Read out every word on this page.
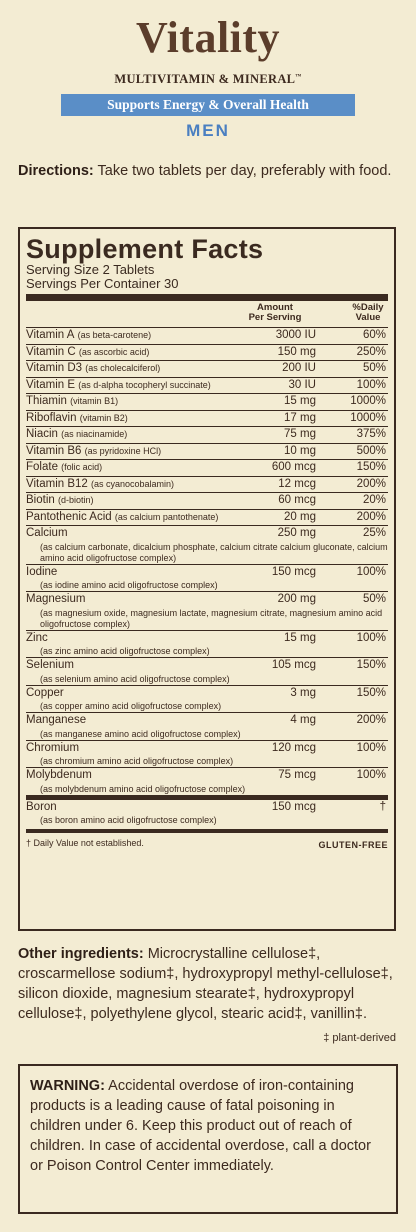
Vitality
MULTIVITAMIN & MINERAL™
Supports Energy & Overall Health
MEN
Directions: Take two tablets per day, preferably with food.
Supplement Facts
Serving Size 2 Tablets
Servings Per Container 30
Amount
Per Serving
%Daily
Value
Vitamin A (as beta-carotene)	3000 IU	60%
Vitamin C (as ascorbic acid)	150 mg	250%
Vitamin D3 (as cholecalciferol)	200 IU	50%
Vitamin E (as d-alpha tocopheryl succinate)	30 IU	100%
Thiamin (vitamin B1)	15 mg	1000%
Riboflavin (vitamin B2)	17 mg	1000%
Niacin (as niacinamide)	75 mg	375%
Vitamin B6 (as pyridoxine HCl)	10 mg	500%
Folate (folic acid)	600 mcg	150%
Vitamin B12 (as cyanocobalamin)	12 mcg	200%
Biotin (d-biotin)	60 mcg	20%
Pantothenic Acid (as calcium pantothenate)	20 mg	200%
Calcium	250 mg	25%
(as calcium carbonate, dicalcium phosphate, calcium citrate calcium gluconate, calcium amino acid oligofructose complex)
Iodine	150 mcg	100%
(as iodine amino acid oligofructose complex)
Magnesium	200 mg	50%
(as magnesium oxide, magnesium lactate, magnesium citrate, magnesium amino acid oligofructose complex)
Zinc	15 mg	100%
(as zinc amino acid oligofructose complex)
Selenium	105 mcg	150%
(as selenium amino acid oligofructose complex)
Copper	3 mg	150%
(as copper amino acid oligofructose complex)
Manganese	4 mg	200%
(as manganese amino acid oligofructose complex)
Chromium	120 mcg	100%
(as chromium amino acid oligofructose complex)
Molybdenum	75 mcg	100%
(as molybdenum amino acid oligofructose complex)
Boron	150 mcg	†
(as boron amino acid oligofructose complex)
† Daily Value not established.	GLUTEN-FREE
Other ingredients: Microcrystalline cellulose‡, croscarmellose sodium‡, hydroxypropyl methyl-cellulose‡, silicon dioxide, magnesium stearate‡, hydroxypropyl cellulose‡, polyethylene glycol, stearic acid‡, vanillin‡.
‡ plant-derived
WARNING: Accidental overdose of iron-containing products is a leading cause of fatal poisoning in children under 6. Keep this product out of reach of children. In case of accidental overdose, call a doctor or Poison Control Center immediately.
